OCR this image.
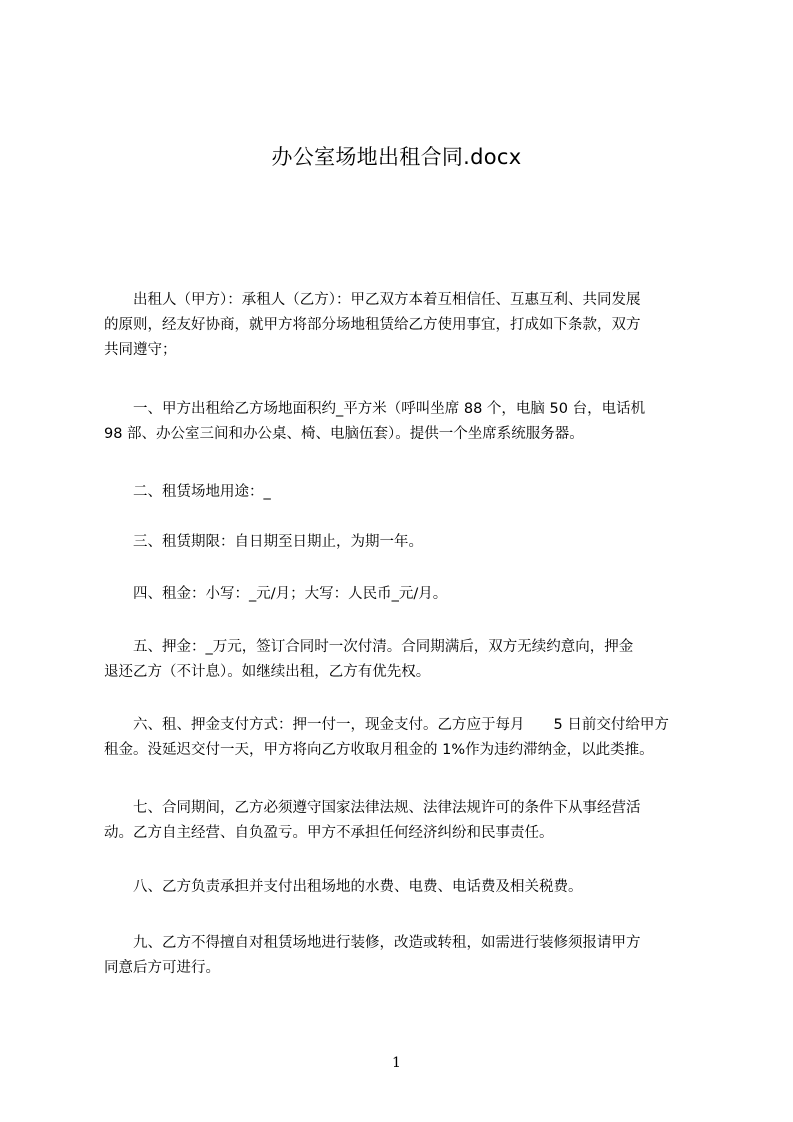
办公室场地出租合同.docx
　　出租人（甲方）：承租人（乙方）：甲乙双方本着互相信任、互惠互利、共同发展
的原则，经友好协商，就甲方将部分场地租赁给乙方使用事宜，打成如下条款，双方
共同遵守；
　　一、甲方出租给乙方场地面积约_平方米（呼叫坐席 88 个，电脑 50 台，电话机
98 部、办公室三间和办公桌、椅、电脑伍套）。提供一个坐席系统服务器。
　　二、租赁场地用途：_
　　三、租赁期限：自日期至日期止，为期一年。
　　四、租金：小写：_元/月；大写：人民币_元/月。
　　五、押金：_万元，签订合同时一次付清。合同期满后，双方无续约意向，押金
退还乙方（不计息）。如继续出租，乙方有优先权。
　　六、租、押金支付方式：押一付一，现金支付。乙方应于每月　　5 日前交付给甲方
租金。没延迟交付一天，甲方将向乙方收取月租金的 1%作为违约滞纳金，以此类推。
　　七、合同期间，乙方必须遵守国家法律法规、法律法规许可的条件下从事经营活
动。乙方自主经营、自负盈亏。甲方不承担任何经济纠纷和民事责任。
　　八、乙方负责承担并支付出租场地的水费、电费、电话费及相关税费。
　　九、乙方不得擅自对租赁场地进行装修，改造或转租，如需进行装修须报请甲方
同意后方可进行。
1
